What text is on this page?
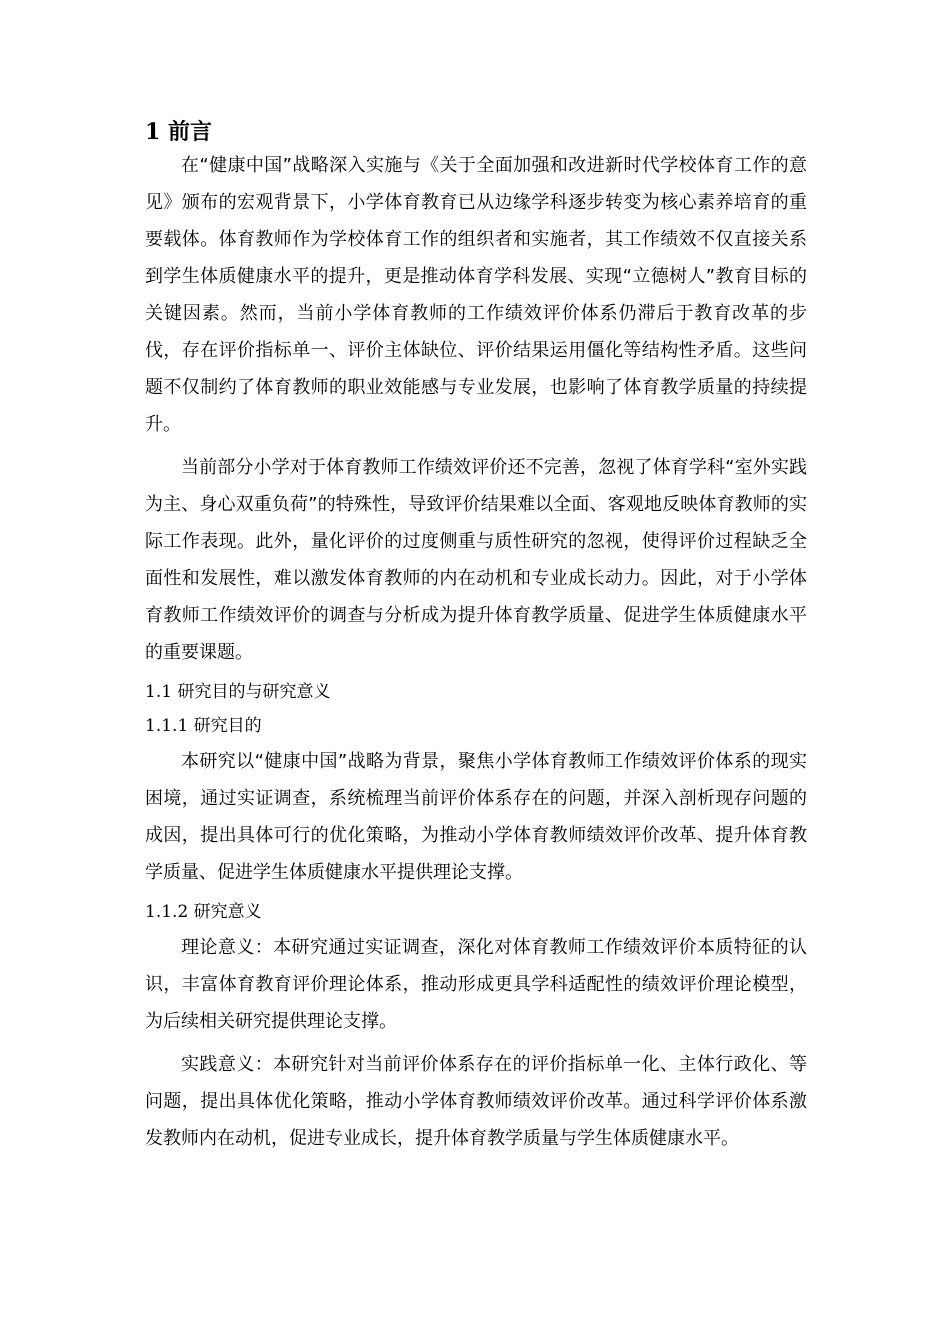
1 前言

在“健康中国”战略深入实施与《关于全面加强和改进新时代学校体育工作的意见》颁布的宏观背景下，小学体育教育已从边缘学科逐步转变为核心素养培育的重要载体。体育教师作为学校体育工作的组织者和实施者，其工作绩效不仅直接关系到学生体质健康水平的提升，更是推动体育学科发展、实现“立德树人”教育目标的关键因素。然而，当前小学体育教师的工作绩效评价体系仍滞后于教育改革的步伐，存在评价指标单一、评价主体缺位、评价结果运用僵化等结构性矛盾。这些问题不仅制约了体育教师的职业效能感与专业发展，也影响了体育教学质量的持续提升。

当前部分小学对于体育教师工作绩效评价还不完善，忽视了体育学科“室外实践为主、身心双重负荷”的特殊性，导致评价结果难以全面、客观地反映体育教师的实际工作表现。此外，量化评价的过度侧重与质性研究的忽视，使得评价过程缺乏全面性和发展性，难以激发体育教师的内在动机和专业成长动力。因此，对于小学体育教师工作绩效评价的调查与分析成为提升体育教学质量、促进学生体质健康水平的重要课题。

1.1 研究目的与研究意义
1.1.1 研究目的

本研究以“健康中国”战略为背景，聚焦小学体育教师工作绩效评价体系的现实困境，通过实证调查，系统梳理当前评价体系存在的问题，并深入剖析现存问题的成因，提出具体可行的优化策略，为推动小学体育教师绩效评价改革、提升体育教学质量、促进学生体质健康水平提供理论支撑。

1.1.2 研究意义

理论意义：本研究通过实证调查，深化对体育教师工作绩效评价本质特征的认识，丰富体育教育评价理论体系，推动形成更具学科适配性的绩效评价理论模型，为后续相关研究提供理论支撑。

实践意义：本研究针对当前评价体系存在的评价指标单一化、主体行政化、等问题，提出具体优化策略，推动小学体育教师绩效评价改革。通过科学评价体系激发教师内在动机，促进专业成长，提升体育教学质量与学生体质健康水平。
